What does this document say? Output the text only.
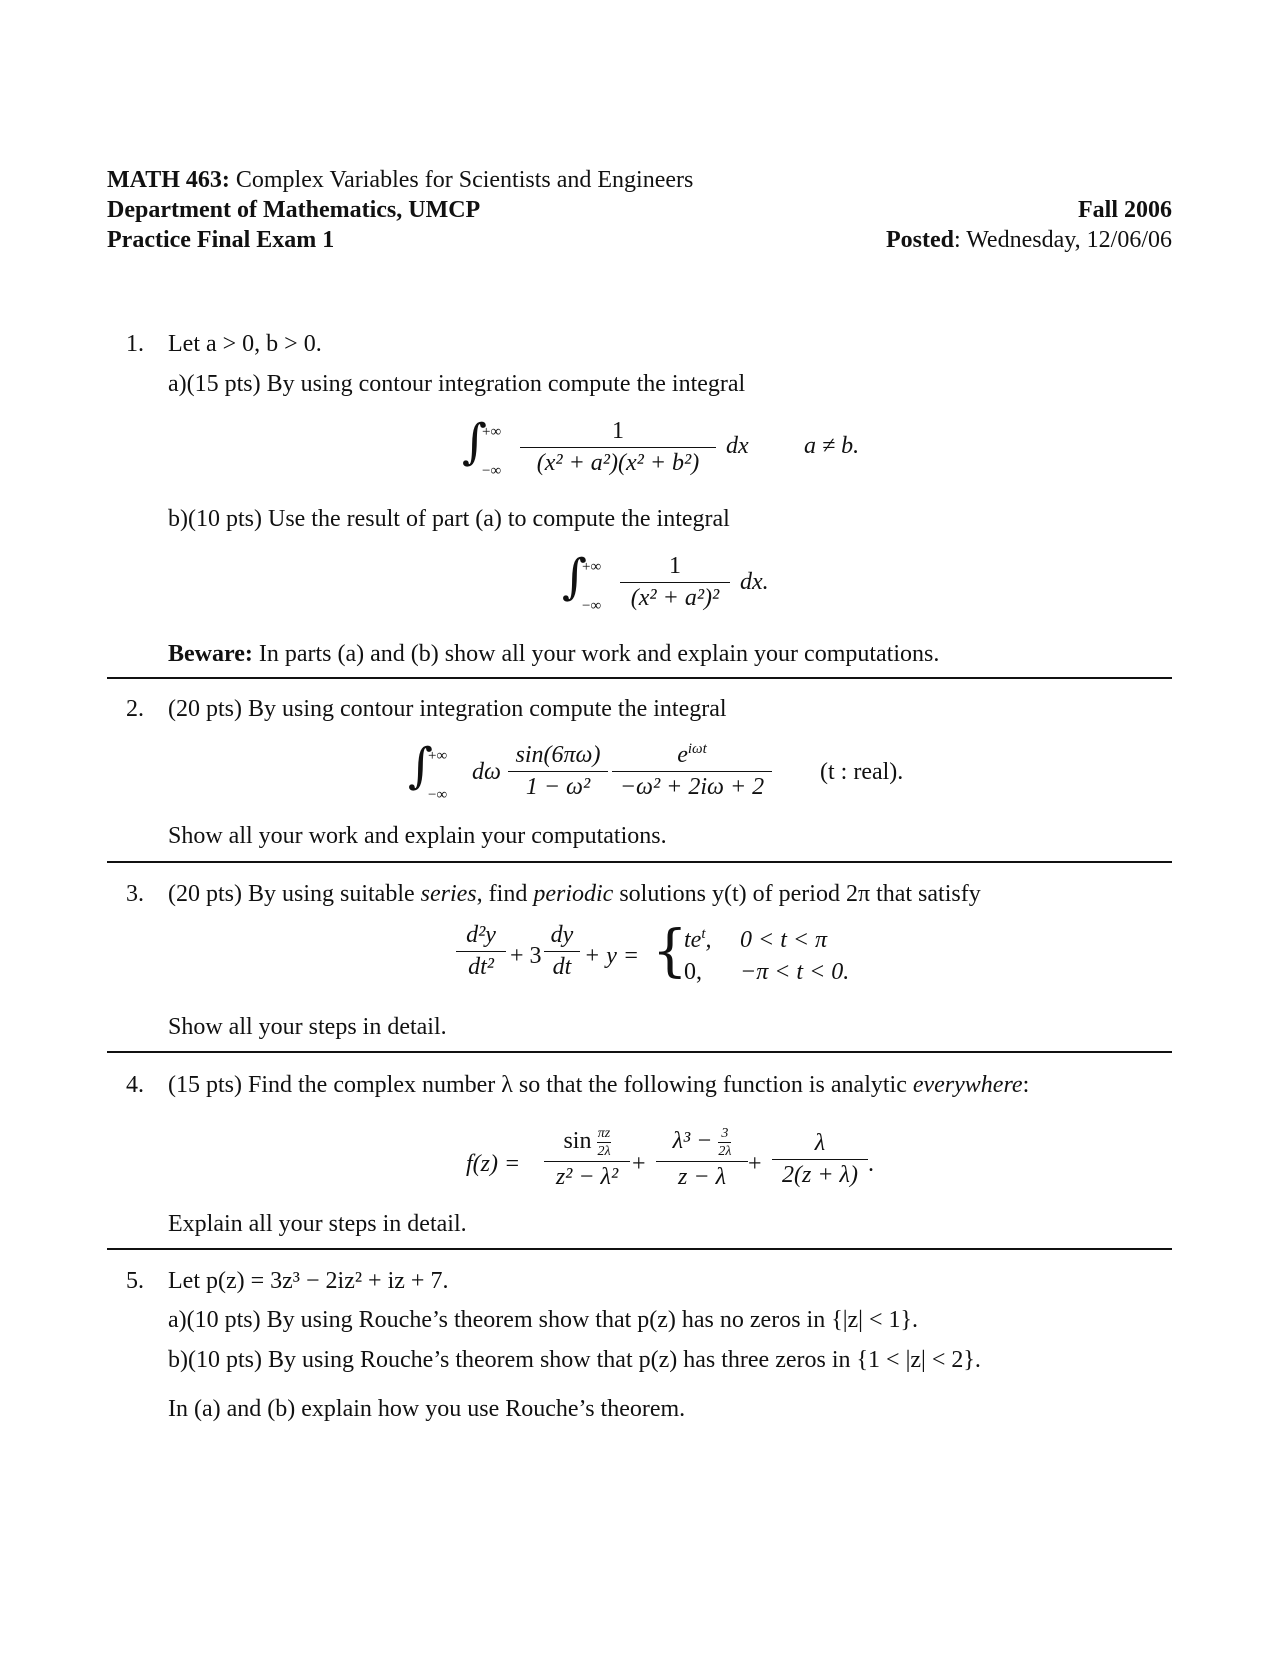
MATH 463: Complex Variables for Scientists and Engineers
Department of Mathematics, UMCP	Fall 2006
Practice Final Exam 1	Posted: Wednesday, 12/06/06
1. Let a > 0, b > 0.
a)(15 pts) By using contour integration compute the integral
∫
+∞
−∞
1
(x² + a²)(x² + b²)
dx a ≠ b.
b)(10 pts) Use the result of part (a) to compute the integral
∫
+∞
−∞
1
(x² + a²)²
dx.
Beware: In parts (a) and (b) show all your work and explain your computations.
2. (20 pts) By using contour integration compute the integral
∫
+∞
−∞
dω
sin(6πω)
1 − ω²
$e^{i\omega t}$
−ω² + 2iω + 2
(t : real).
Show all your work and explain your computations.
3. (20 pts) By using suitable series, find periodic solutions y(t) of period 2π that satisfy
d²y
dt² + 3
dy
dt + y = {
$te^t$, 0 < t < π
0, −π < t < 0.
Show all your steps in detail.
4. (15 pts) Find the complex number λ so that the following function is analytic everywhere:
f(z) =
$\sin \frac{\pi z}{2\lambda}$
z² − λ² +
$\lambda^3 - \frac{3}{2\lambda}$
z − λ +
λ
2(z + λ) .
Explain all your steps in detail.
5. Let p(z) = 3z³ − 2iz² + iz + 7.
a)(10 pts) By using Rouche’s theorem show that p(z) has no zeros in {|z| < 1}.
b)(10 pts) By using Rouche’s theorem show that p(z) has three zeros in {1 < |z| < 2}.
In (a) and (b) explain how you use Rouche’s theorem.
